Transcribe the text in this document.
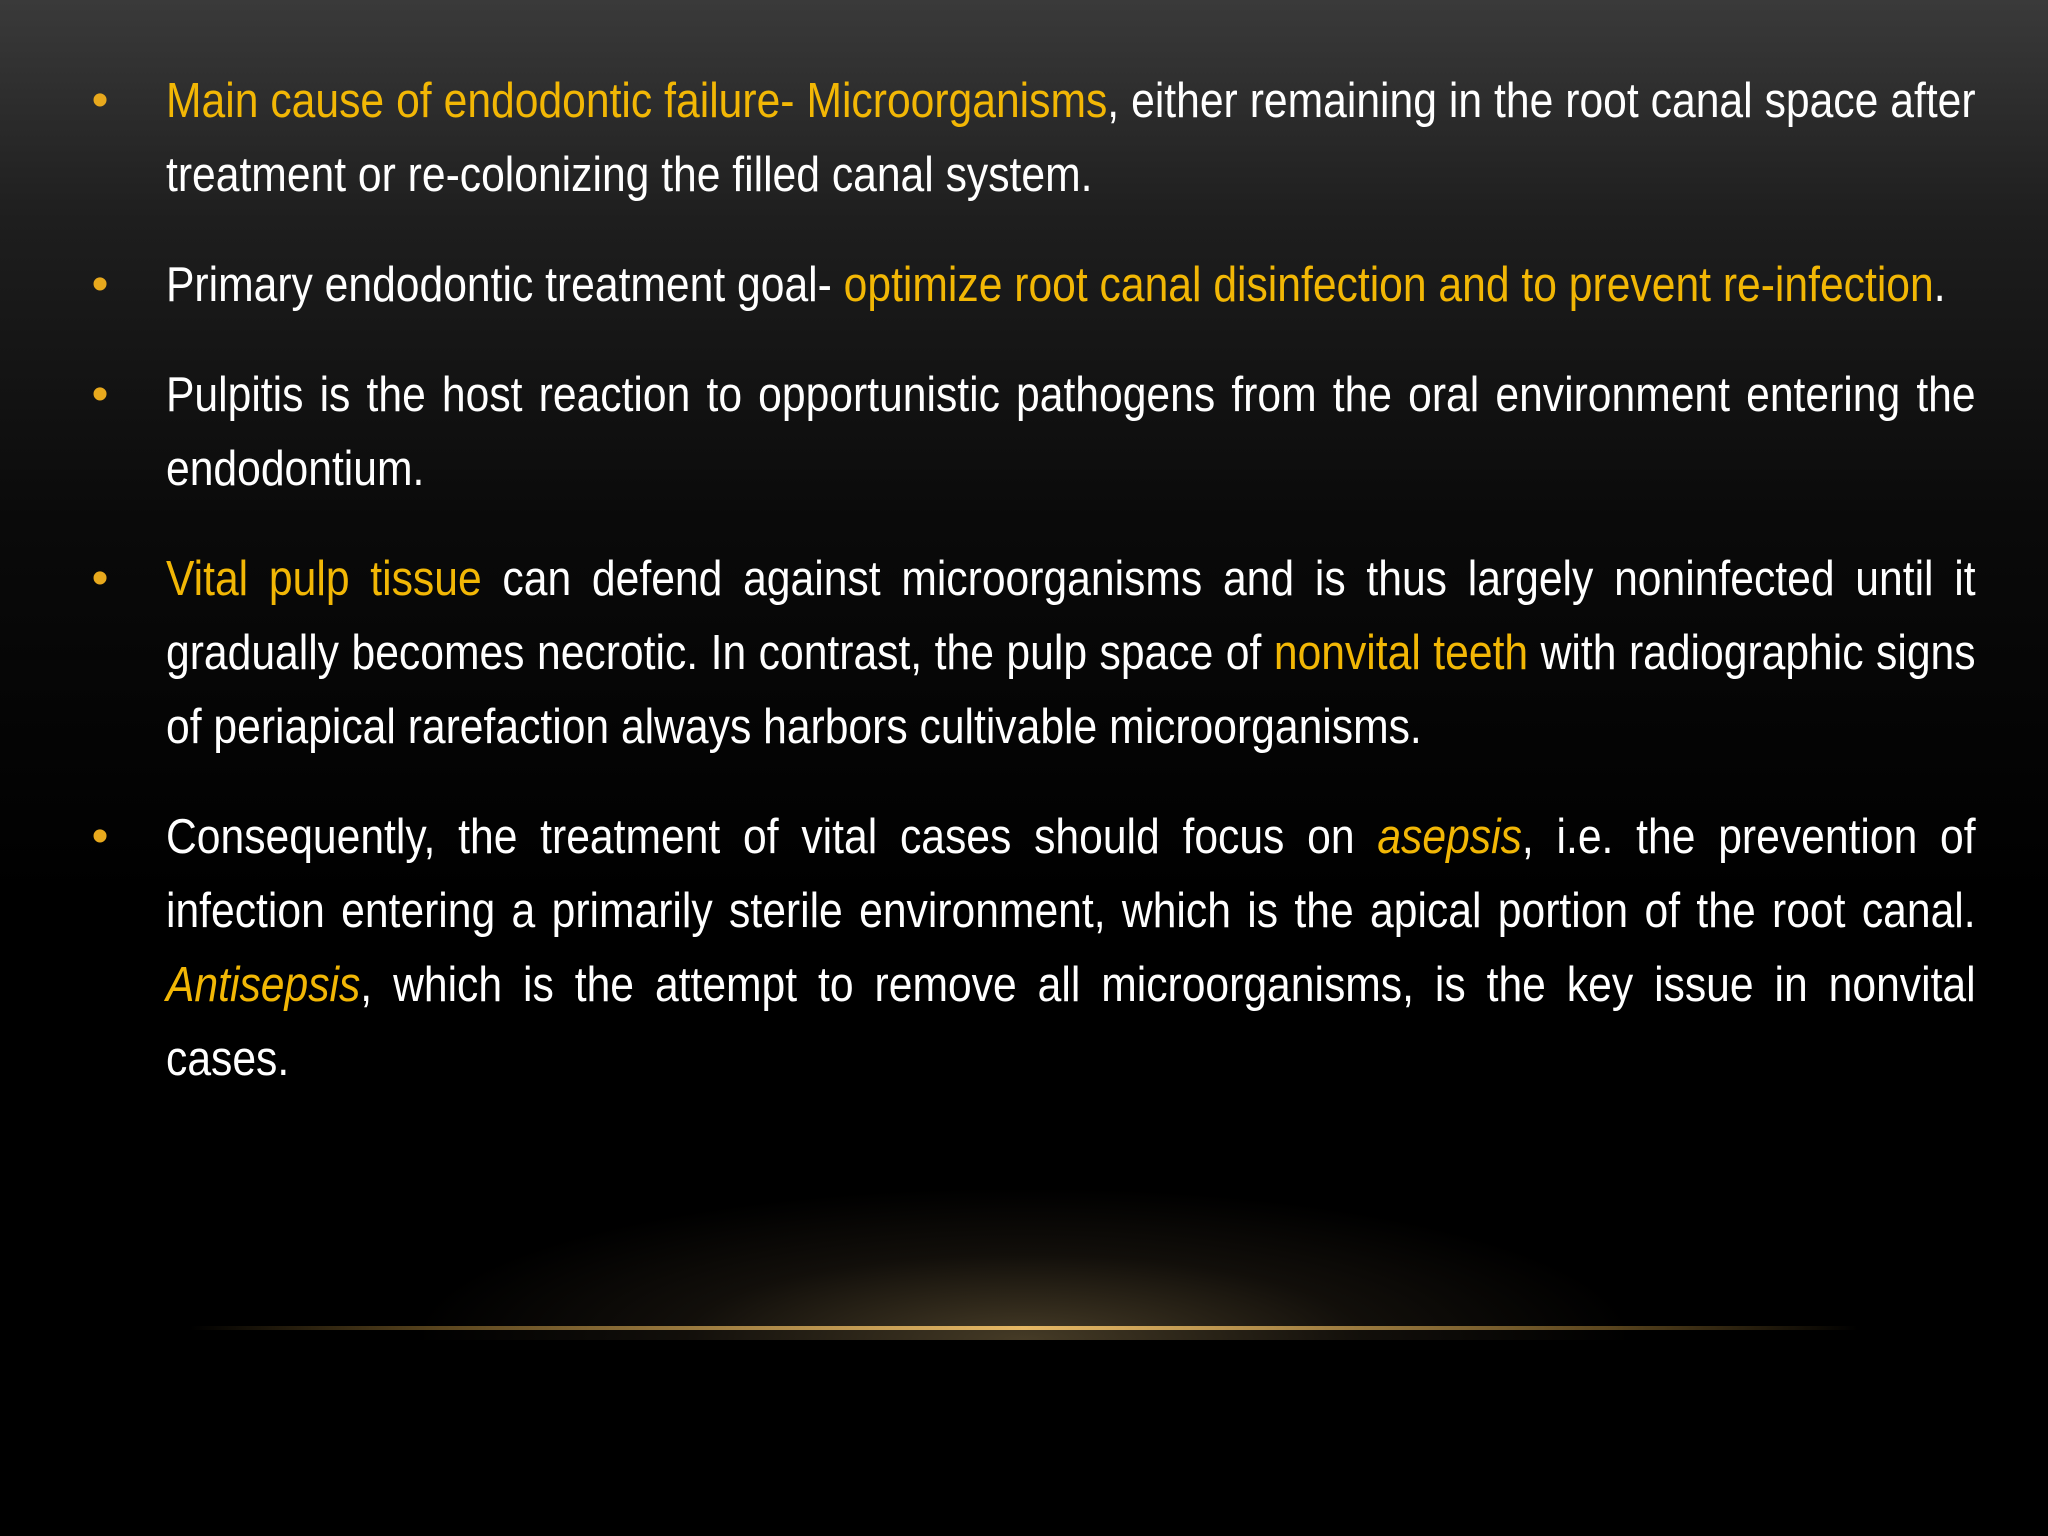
• Main cause of endodontic failure- Microorganisms, either remaining in the root canal space after treatment or re-colonizing the filled canal system.

• Primary endodontic treatment goal- optimize root canal disinfection and to prevent re-infection.

• Pulpitis is the host reaction to opportunistic pathogens from the oral environment entering the endodontium.

• Vital pulp tissue can defend against microorganisms and is thus largely noninfected until it gradually becomes necrotic. In contrast, the pulp space of nonvital teeth with radiographic signs of periapical rarefaction always harbors cultivable microorganisms.

• Consequently, the treatment of vital cases should focus on asepsis, i.e. the prevention of infection entering a primarily sterile environment, which is the apical portion of the root canal. Antisepsis, which is the attempt to remove all microorganisms, is the key issue in nonvital cases.
